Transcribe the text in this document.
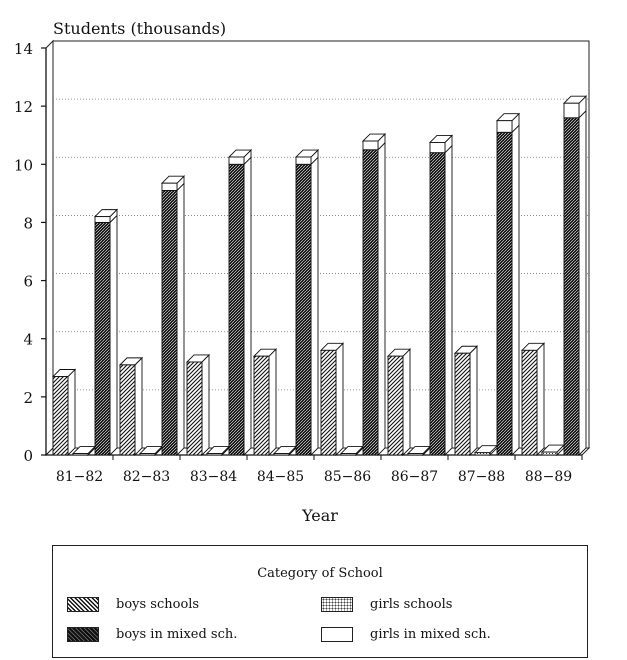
0
2
4
6
8
10
12
14
Students (thousands)
81−82 82−83 83−84 84−85 85−86 86−87 87−88 88−89
Year
Category of School
boys schools	girls schools
boys in mixed sch.	girls in mixed sch.
